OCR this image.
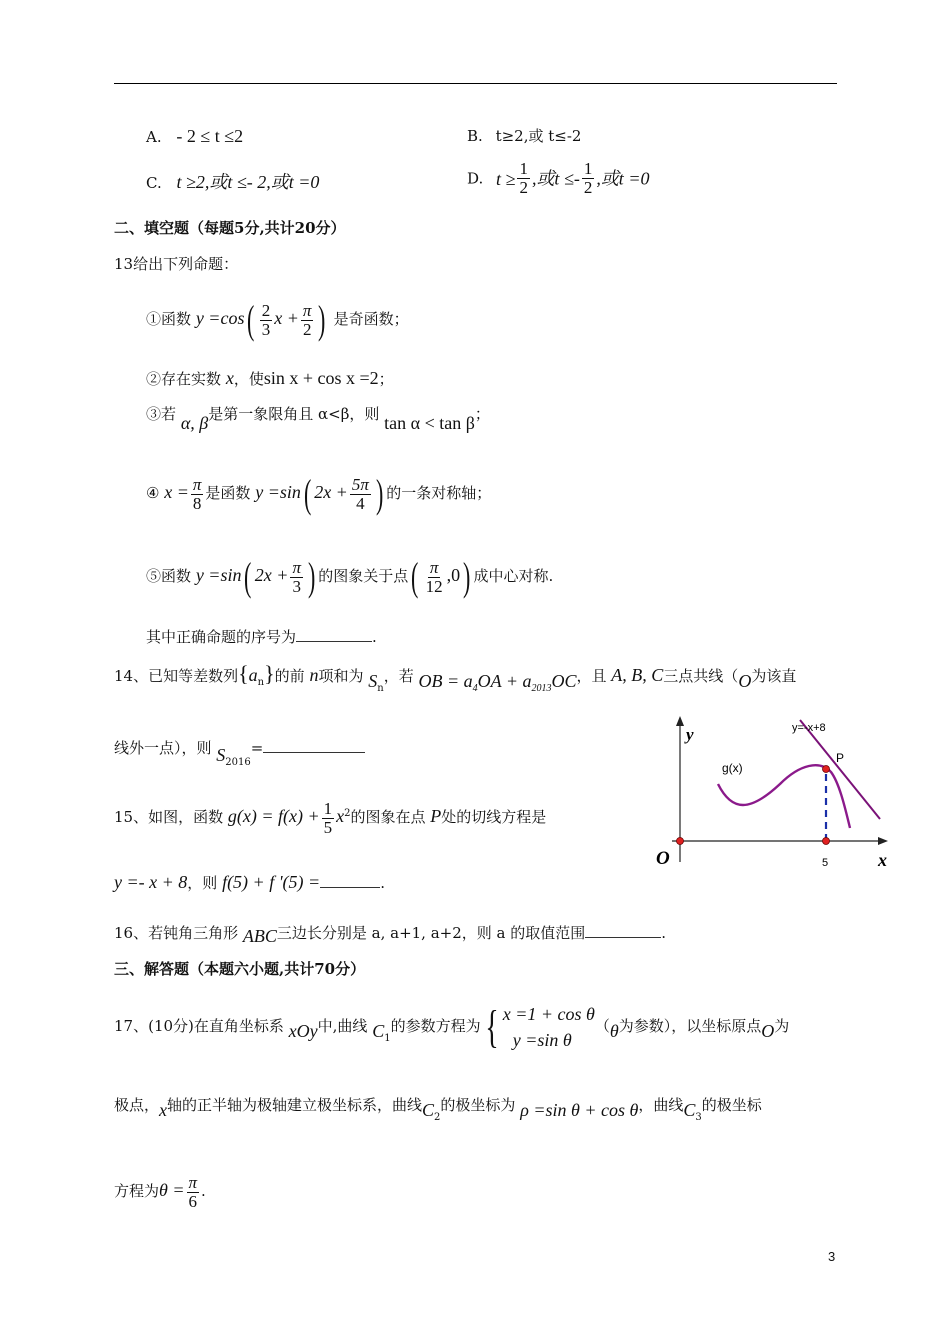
A. - 2 ≤ t ≤2	B. t≥2,或 t≤-2
C. t ≥2,或t ≤- 2,或t =0	D. $t \ge \frac{1}{2}$ ,或$t \le- \frac{1}{2}$ ,或t =0
二、填空题（每题5分,共计20分）
13给出下列命题：
①函数 $y =\cos( \frac{2}{3}$ $x + \frac{\pi}{2}$ ) 是奇函数；
②存在实数 x，使sin x + cos x =2；
③若 α, β是第一象限角且 α<β，则 tan α < tan β；
④ $x = \frac{\pi}{8}$ 是函数 y =sin( $2x + \frac{5\pi}{4}$ ) 的一条对称轴；
⑤函数 y =sin( $2x + \frac{\pi}{3}$ ) 的图象关于点( $\frac{\pi}{12} ,0$) 成中心对称.
其中正确命题的序号为	.
14、已知等差数列$\{a_n\}$的前 n项和为 $S_n$，若 OB = $a_4OA + a_{2013}OC$，且 A, B, C三点共线（O为该直
线外一点），则 $S_{2016}=$
15、如图，函数 $g(x) = f(x) + \frac{1}{5} x^2$的图象在点 P处的切线方程是
y =- x + 8，则 f(5) + f '(5) =	.
y
x
O
y=-x+8
g(x)
P
5
16、若钝角三角形 ABC三边长分别是 a, a+1, a+2，则 a 的取值范围	.
三、解答题（本题六小题,共计70分）
17、(10分)在直角坐标系 xOy中,曲线 $C_1$的参数方程为{ x =1 + cos θ
y =sin θ
（θ为参数），以坐标原点O为
极点，x轴的正半轴为极轴建立极坐标系，曲线$C_2$的极坐标为 ρ =sin θ + cos θ，曲线$C_3$的极坐标
方程为$\theta = \frac{\pi}{6}$ .
3
